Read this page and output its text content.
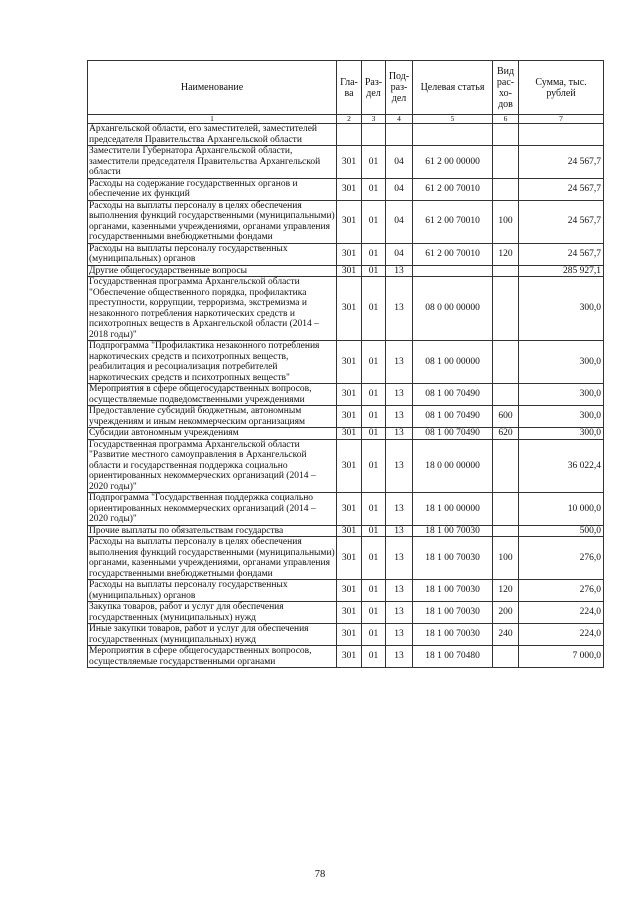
Наименование	Гла-ва	Раз-дел	Под-раз-дел	Целевая статья	Вид рас-хо-дов	Сумма, тыс. рублей
1	2	3	4	5	6	7
Архангельской области, его заместителей, заместителей председателя Правительства Архангельской области						
Заместители Губернатора Архангельской области, заместители председателя Правительства Архангельской области	301	01	04	61 2 00 00000		24 567,7
Расходы на содержание государственных органов и обеспечение их функций	301	01	04	61 2 00 70010		24 567,7
Расходы на выплаты персоналу в целях обеспечения выполнения функций государственными (муниципальными) органами, казенными учреждениями, органами управления государственными внебюджетными фондами	301	01	04	61 2 00 70010	100	24 567,7
Расходы на выплаты персоналу государственных (муниципальных) органов	301	01	04	61 2 00 70010	120	24 567,7
Другие общегосударственные вопросы	301	01	13			285 927,1
Государственная программа Архангельской области "Обеспечение общественного порядка, профилактика преступности, коррупции, терроризма, экстремизма и незаконного потребления наркотических средств и психотропных веществ в Архангельской области (2014 – 2018 годы)"	301	01	13	08 0 00 00000		300,0
Подпрограмма "Профилактика незаконного потребления наркотических средств и психотропных веществ, реабилитация и ресоциализация потребителей наркотических средств и психотропных веществ"	301	01	13	08 1 00 00000		300,0
Мероприятия в сфере общегосударственных вопросов, осуществляемые подведомственными учреждениями	301	01	13	08 1 00 70490		300,0
Предоставление субсидий бюджетным, автономным учреждениям и иным некоммерческим организациям	301	01	13	08 1 00 70490	600	300,0
Субсидии автономным учреждениям	301	01	13	08 1 00 70490	620	300,0
Государственная программа Архангельской области "Развитие местного самоуправления в Архангельской области и государственная поддержка социально ориентированных некоммерческих организаций (2014 – 2020 годы)"	301	01	13	18 0 00 00000		36 022,4
Подпрограмма "Государственная поддержка социально ориентированных некоммерческих организаций (2014 – 2020 годы)"	301	01	13	18 1 00 00000		10 000,0
Прочие выплаты по обязательствам государства	301	01	13	18 1 00 70030		500,0
Расходы на выплаты персоналу в целях обеспечения выполнения функций государственными (муниципальными) органами, казенными учреждениями, органами управления государственными внебюджетными фондами	301	01	13	18 1 00 70030	100	276,0
Расходы на выплаты персоналу государственных (муниципальных) органов	301	01	13	18 1 00 70030	120	276,0
Закупка товаров, работ и услуг для обеспечения государственных (муниципальных) нужд	301	01	13	18 1 00 70030	200	224,0
Иные закупки товаров, работ и услуг для обеспечения государственных (муниципальных) нужд	301	01	13	18 1 00 70030	240	224,0
Мероприятия в сфере общегосударственных вопросов, осуществляемые государственными органами	301	01	13	18 1 00 70480		7 000,0
78
